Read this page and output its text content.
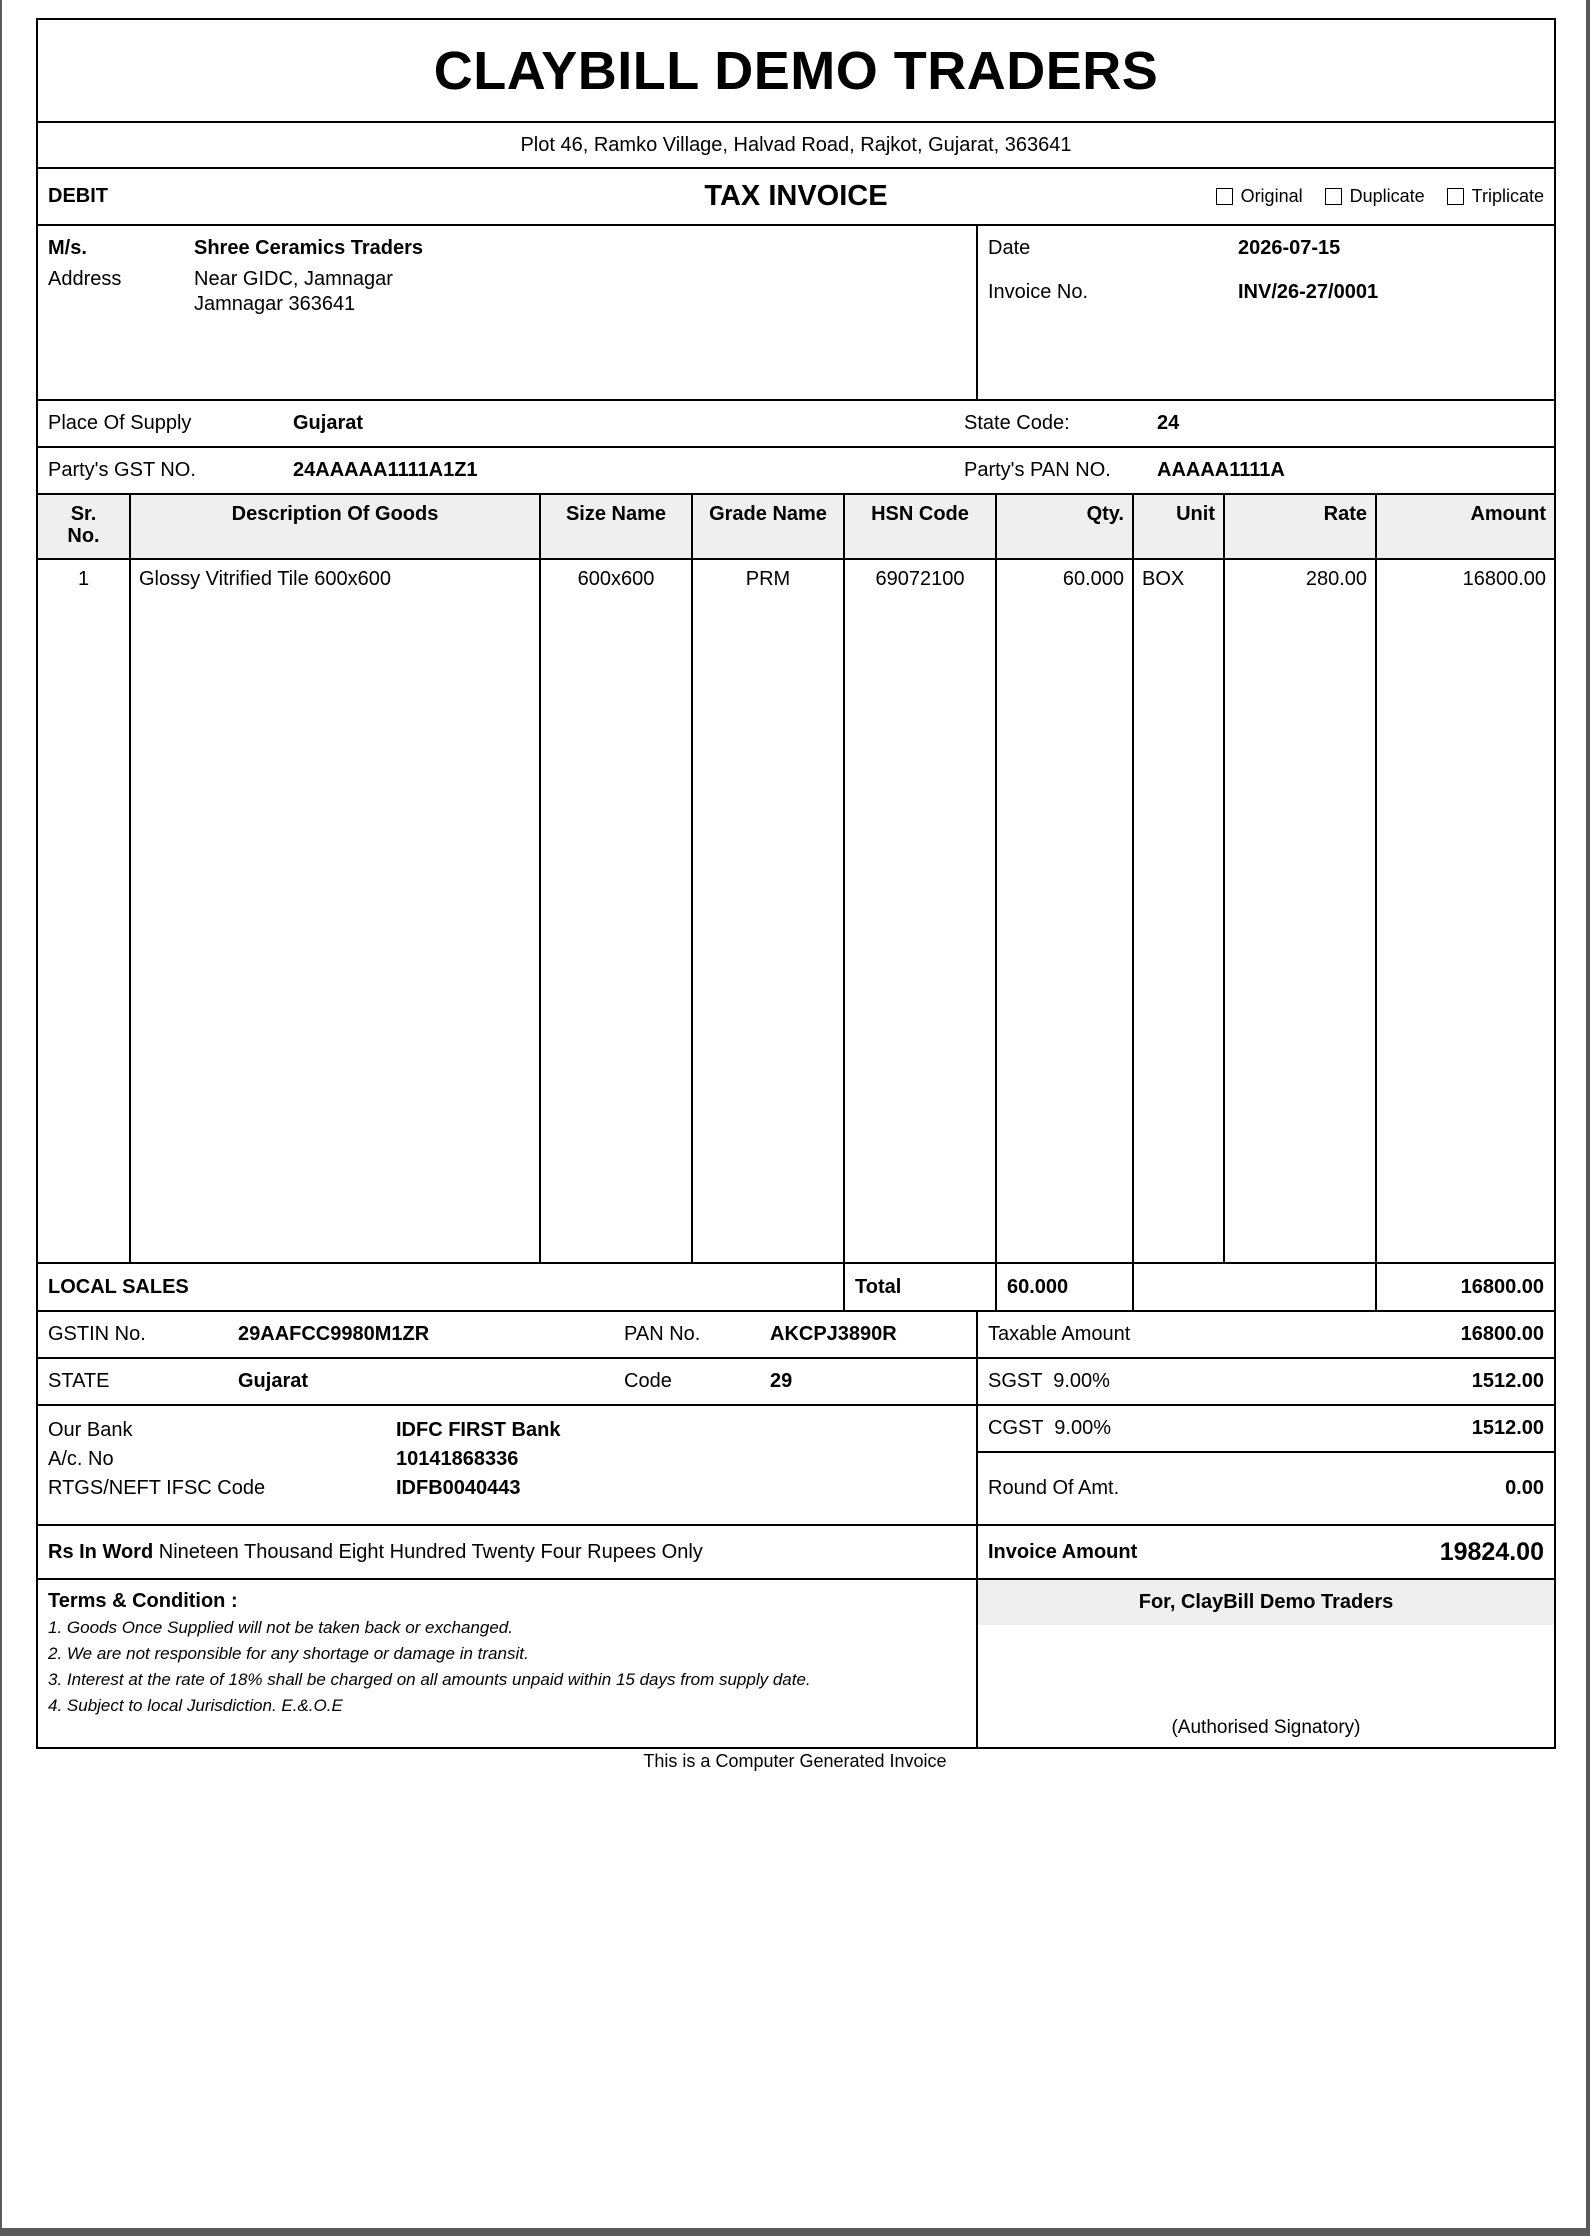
CLAYBILL DEMO TRADERS
Plot 46, Ramko Village, Halvad Road, Rajkot, Gujarat, 363641
DEBIT	TAX INVOICE	Original	Duplicate	Triplicate
M/s.	Shree Ceramics Traders
Address	Near GIDC, Jamnagar
Jamnagar 363641
Date	2026-07-15
Invoice No.	INV/26-27/0001
Place Of Supply	Gujarat	State Code:	24
Party's GST NO.	24AAAAA1111A1Z1	Party's PAN NO.	AAAAA1111A
Sr.
No.
Description Of Goods	Size Name	Grade Name	HSN Code	Qty.	Unit	Rate	Amount
1	Glossy Vitrified Tile 600x600	600x600	PRM	69072100	60.000 BOX	280.00	16800.00
LOCAL SALES	Total	60.000	16800.00
GSTIN No.	29AAFCC9980M1ZR	PAN No.	AKCPJ3890R
STATE	Gujarat	Code	29
Our Bank	IDFC FIRST Bank
A/c. No	10141868336
RTGS/NEFT IFSC Code	IDFB0040443
Taxable Amount	16800.00
SGST  9.00%	1512.00
CGST  9.00%	1512.00
Round Of Amt.	0.00
Rs In Word
Nineteen Thousand Eight Hundred Twenty Four Rupees Only	Invoice Amount	19824.00
Terms & Condition :
1. Goods Once Supplied will not be taken back or exchanged.
2. We are not responsible for any shortage or damage in transit.
3. Interest at the rate of 18% shall be charged on all amounts unpaid within 15 days from supply date.
4. Subject to local Jurisdiction. E.&.O.E
For, ClayBill Demo Traders
(Authorised Signatory)
This is a Computer Generated Invoice
